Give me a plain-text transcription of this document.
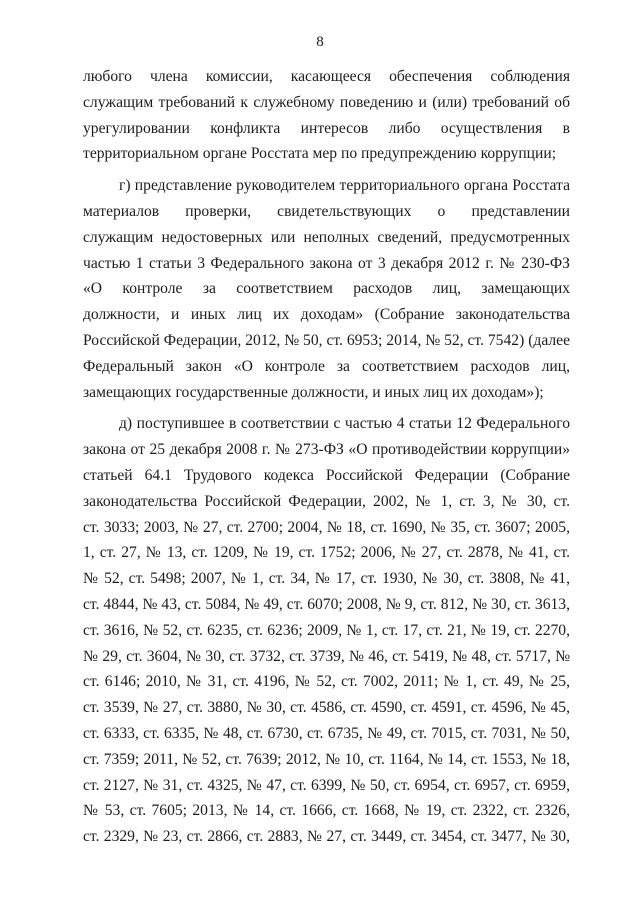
8
любого члена комиссии, касающееся обеспечения соблюдения
служащим требований к служебному поведению и (или) требований об
урегулировании конфликта интересов либо осуществления в
территориальном органе Росстата мер по предупреждению коррупции;
г) представление руководителем территориального органа Росстата
материалов проверки, свидетельствующих о представлении
служащим недостоверных или неполных сведений, предусмотренных
частью 1 статьи 3 Федерального закона от 3 декабря 2012 г. № 230-ФЗ
«О контроле за соответствием расходов лиц, замещающих
должности, и иных лиц их доходам» (Собрание законодательства
Российской Федерации, 2012, № 50, ст. 6953; 2014, № 52, ст. 7542) (далее
Федеральный закон «О контроле за соответствием расходов лиц,
замещающих государственные должности, и иных лиц их доходам»);
д) поступившее в соответствии с частью 4 статьи 12 Федерального
закона от 25 декабря 2008 г. № 273-ФЗ «О противодействии коррупции»
статьей 64.1 Трудового кодекса Российской Федерации (Собрание
законодательства Российской Федерации, 2002, № 1, ст. 3, № 30, ст.
ст. 3033; 2003, № 27, ст. 2700; 2004, № 18, ст. 1690, № 35, ст. 3607; 2005,
1, ст. 27, № 13, ст. 1209, № 19, ст. 1752; 2006, № 27, ст. 2878, № 41, ст.
№ 52, ст. 5498; 2007, № 1, ст. 34, № 17, ст. 1930, № 30, ст. 3808, № 41,
ст. 4844, № 43, ст. 5084, № 49, ст. 6070; 2008, № 9, ст. 812, № 30, ст. 3613,
ст. 3616, № 52, ст. 6235, ст. 6236; 2009, № 1, ст. 17, ст. 21, № 19, ст. 2270,
№ 29, ст. 3604, № 30, ст. 3732, ст. 3739, № 46, ст. 5419, № 48, ст. 5717, №
ст. 6146; 2010, № 31, ст. 4196, № 52, ст. 7002, 2011; № 1, ст. 49, № 25,
ст. 3539, № 27, ст. 3880, № 30, ст. 4586, ст. 4590, ст. 4591, ст. 4596, № 45,
ст. 6333, ст. 6335, № 48, ст. 6730, ст. 6735, № 49, ст. 7015, ст. 7031, № 50,
ст. 7359; 2011, № 52, ст. 7639; 2012, № 10, ст. 1164, № 14, ст. 1553, № 18,
ст. 2127, № 31, ст. 4325, № 47, ст. 6399, № 50, ст. 6954, ст. 6957, ст. 6959,
№ 53, ст. 7605; 2013, № 14, ст. 1666, ст. 1668, № 19, ст. 2322, ст. 2326,
ст. 2329, № 23, ст. 2866, ст. 2883, № 27, ст. 3449, ст. 3454, ст. 3477, № 30,
